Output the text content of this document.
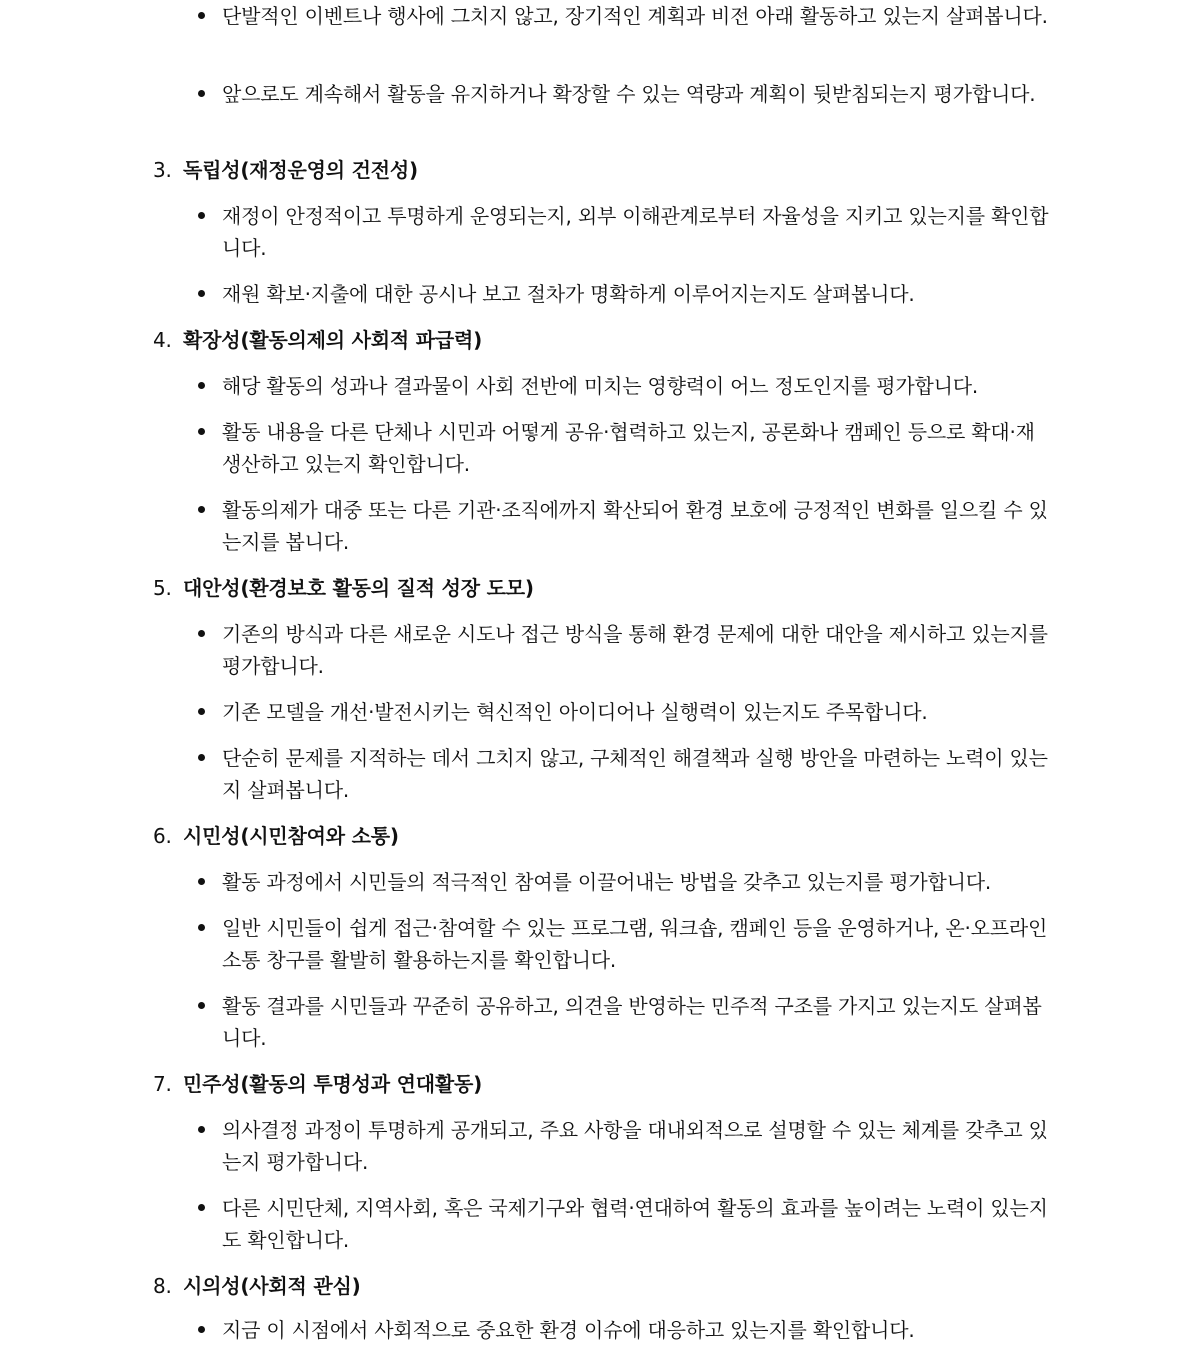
단발적인 이벤트나 행사에 그치지 않고, 장기적인 계획과 비전 아래 활동하고 있는지 살펴봅니다.
앞으로도 계속해서 활동을 유지하거나 확장할 수 있는 역량과 계획이 뒷받침되는지 평가합니다.
3. 독립성(재정운영의 건전성)
재정이 안정적이고 투명하게 운영되는지, 외부 이해관계로부터 자율성을 지키고 있는지를 확인합니다.
재원 확보·지출에 대한 공시나 보고 절차가 명확하게 이루어지는지도 살펴봅니다.
4. 확장성(활동의제의 사회적 파급력)
해당 활동의 성과나 결과물이 사회 전반에 미치는 영향력이 어느 정도인지를 평가합니다.
활동 내용을 다른 단체나 시민과 어떻게 공유·협력하고 있는지, 공론화나 캠페인 등으로 확대·재생산하고 있는지 확인합니다.
활동의제가 대중 또는 다른 기관·조직에까지 확산되어 환경 보호에 긍정적인 변화를 일으킬 수 있는지를 봅니다.
5. 대안성(환경보호 활동의 질적 성장 도모)
기존의 방식과 다른 새로운 시도나 접근 방식을 통해 환경 문제에 대한 대안을 제시하고 있는지를 평가합니다.
기존 모델을 개선·발전시키는 혁신적인 아이디어나 실행력이 있는지도 주목합니다.
단순히 문제를 지적하는 데서 그치지 않고, 구체적인 해결책과 실행 방안을 마련하는 노력이 있는지 살펴봅니다.
6. 시민성(시민참여와 소통)
활동 과정에서 시민들의 적극적인 참여를 이끌어내는 방법을 갖추고 있는지를 평가합니다.
일반 시민들이 쉽게 접근·참여할 수 있는 프로그램, 워크숍, 캠페인 등을 운영하거나, 온·오프라인 소통 창구를 활발히 활용하는지를 확인합니다.
활동 결과를 시민들과 꾸준히 공유하고, 의견을 반영하는 민주적 구조를 가지고 있는지도 살펴봅니다.
7. 민주성(활동의 투명성과 연대활동)
의사결정 과정이 투명하게 공개되고, 주요 사항을 대내외적으로 설명할 수 있는 체계를 갖추고 있는지 평가합니다.
다른 시민단체, 지역사회, 혹은 국제기구와 협력·연대하여 활동의 효과를 높이려는 노력이 있는지도 확인합니다.
8. 시의성(사회적 관심)
지금 이 시점에서 사회적으로 중요한 환경 이슈에 대응하고 있는지를 확인합니다.
